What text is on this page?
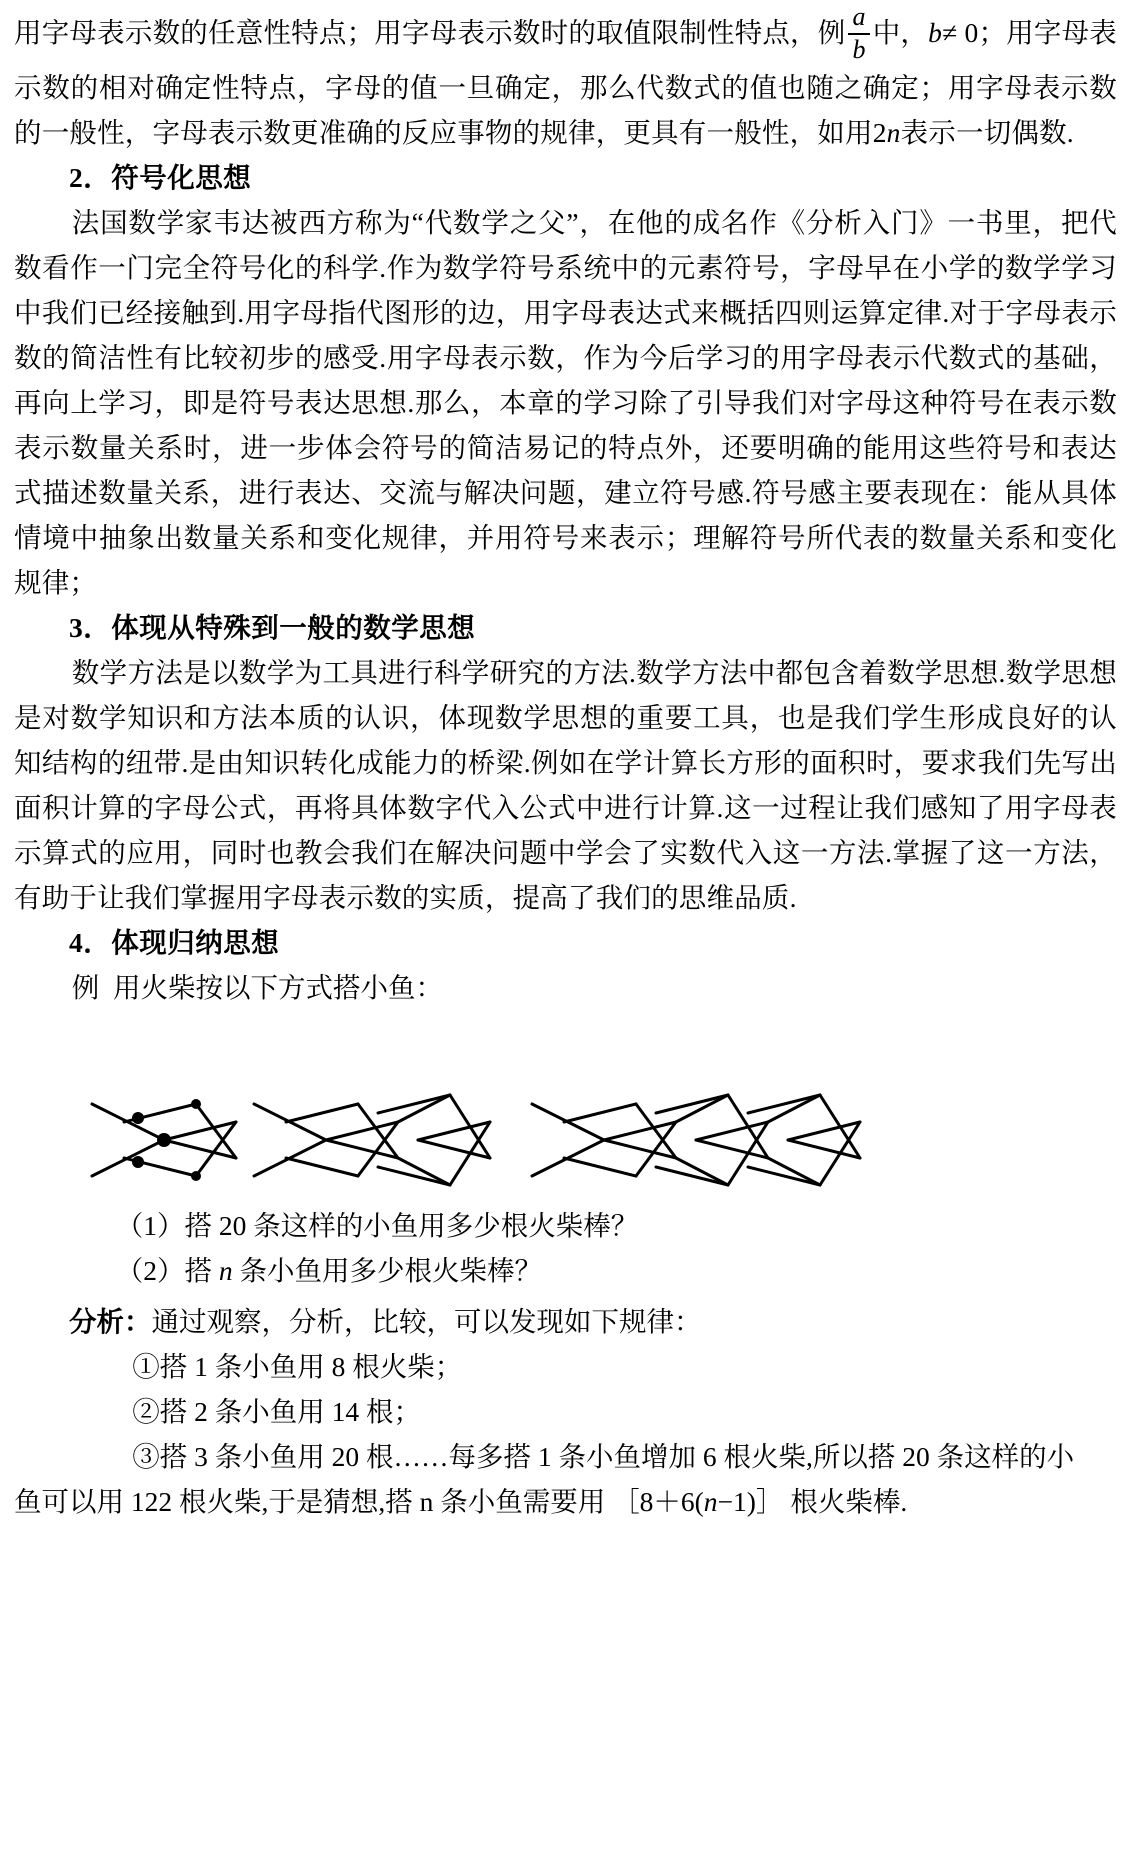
用字母表示数的任意性特点；用字母表示数时的取值限制性特点，例 $\frac{a}{b}$ 中，b≠ 0；用字母表示数的相对确定性特点，字母的值一旦确定，那么代数式的值也随之确定；用字母表示数的一般性，字母表示数更准确的反应事物的规律，更具有一般性，如用2n表示一切偶数.

2．符号化思想

法国数学家韦达被西方称为“代数学之父”，在他的成名作《分析入门》一书里，把代数看作一门完全符号化的科学.作为数学符号系统中的元素符号，字母早在小学的数学学习中我们已经接触到.用字母指代图形的边，用字母表达式来概括四则运算定律.对于字母表示数的简洁性有比较初步的感受.用字母表示数，作为今后学习的用字母表示代数式的基础，再向上学习，即是符号表达思想.那么，本章的学习除了引导我们对字母这种符号在表示数表示数量关系时，进一步体会符号的简洁易记的特点外，还要明确的能用这些符号和表达式描述数量关系，进行表达、交流与解决问题，建立符号感.符号感主要表现在：能从具体情境中抽象出数量关系和变化规律，并用符号来表示；理解符号所代表的数量关系和变化规律；

3．体现从特殊到一般的数学思想

数学方法是以数学为工具进行科学研究的方法.数学方法中都包含着数学思想.数学思想是对数学知识和方法本质的认识，体现数学思想的重要工具，也是我们学生形成良好的认知结构的纽带.是由知识转化成能力的桥梁.例如在学计算长方形的面积时，要求我们先写出面积计算的字母公式，再将具体数字代入公式中进行计算.这一过程让我们感知了用字母表示算式的应用，同时也教会我们在解决问题中学会了实数代入这一方法.掌握了这一方法，有助于让我们掌握用字母表示数的实质，提高了我们的思维品质.

4．体现归纳思想

例 用火柴按以下方式搭小鱼：

（1）搭 20 条这样的小鱼用多少根火柴棒？

（2）搭 n 条小鱼用多少根火柴棒？

分析：通过观察，分析，比较，可以发现如下规律：

①搭 1 条小鱼用 8 根火柴；

②搭 2 条小鱼用 14 根；

③搭 3 条小鱼用 20 根……每多搭 1 条小鱼增加 6 根火柴,所以搭 20 条这样的小

鱼可以用 122 根火柴,于是猜想,搭 n 条小鱼需要用 ［8＋6(n−1)］ 根火柴棒.
